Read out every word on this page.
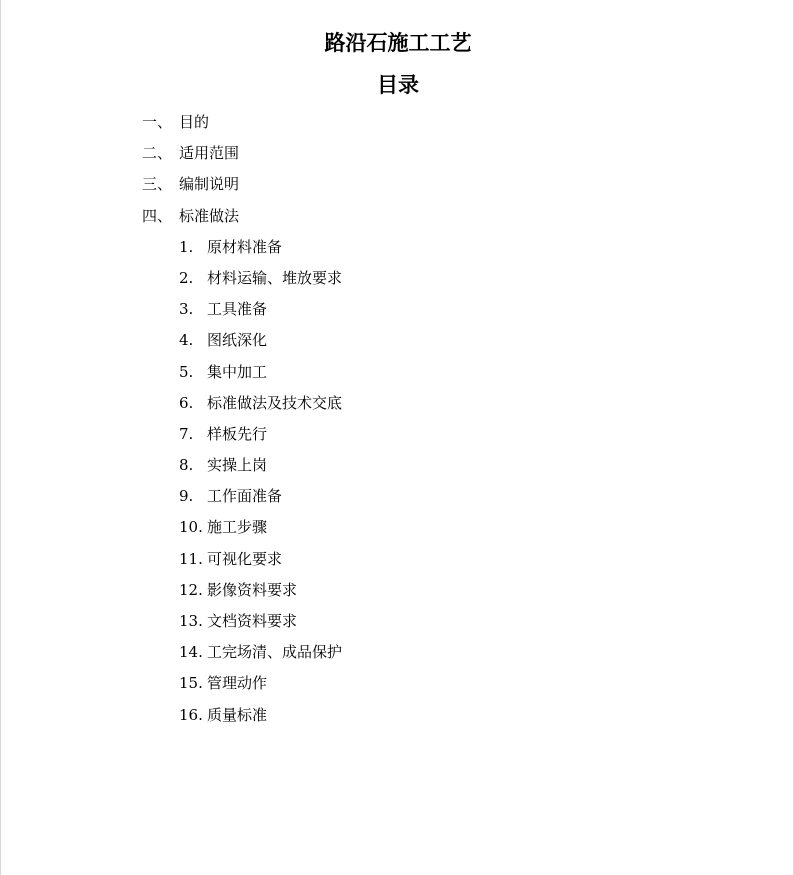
路沿石施工工艺
目录
一、 目的
二、 适用范围
三、 编制说明
四、 标准做法
1. 原材料准备
2. 材料运输、堆放要求
3. 工具准备
4. 图纸深化
5. 集中加工
6. 标准做法及技术交底
7. 样板先行
8. 实操上岗
9. 工作面准备
10. 施工步骤
11. 可视化要求
12. 影像资料要求
13. 文档资料要求
14. 工完场清、成品保护
15. 管理动作
16. 质量标准
